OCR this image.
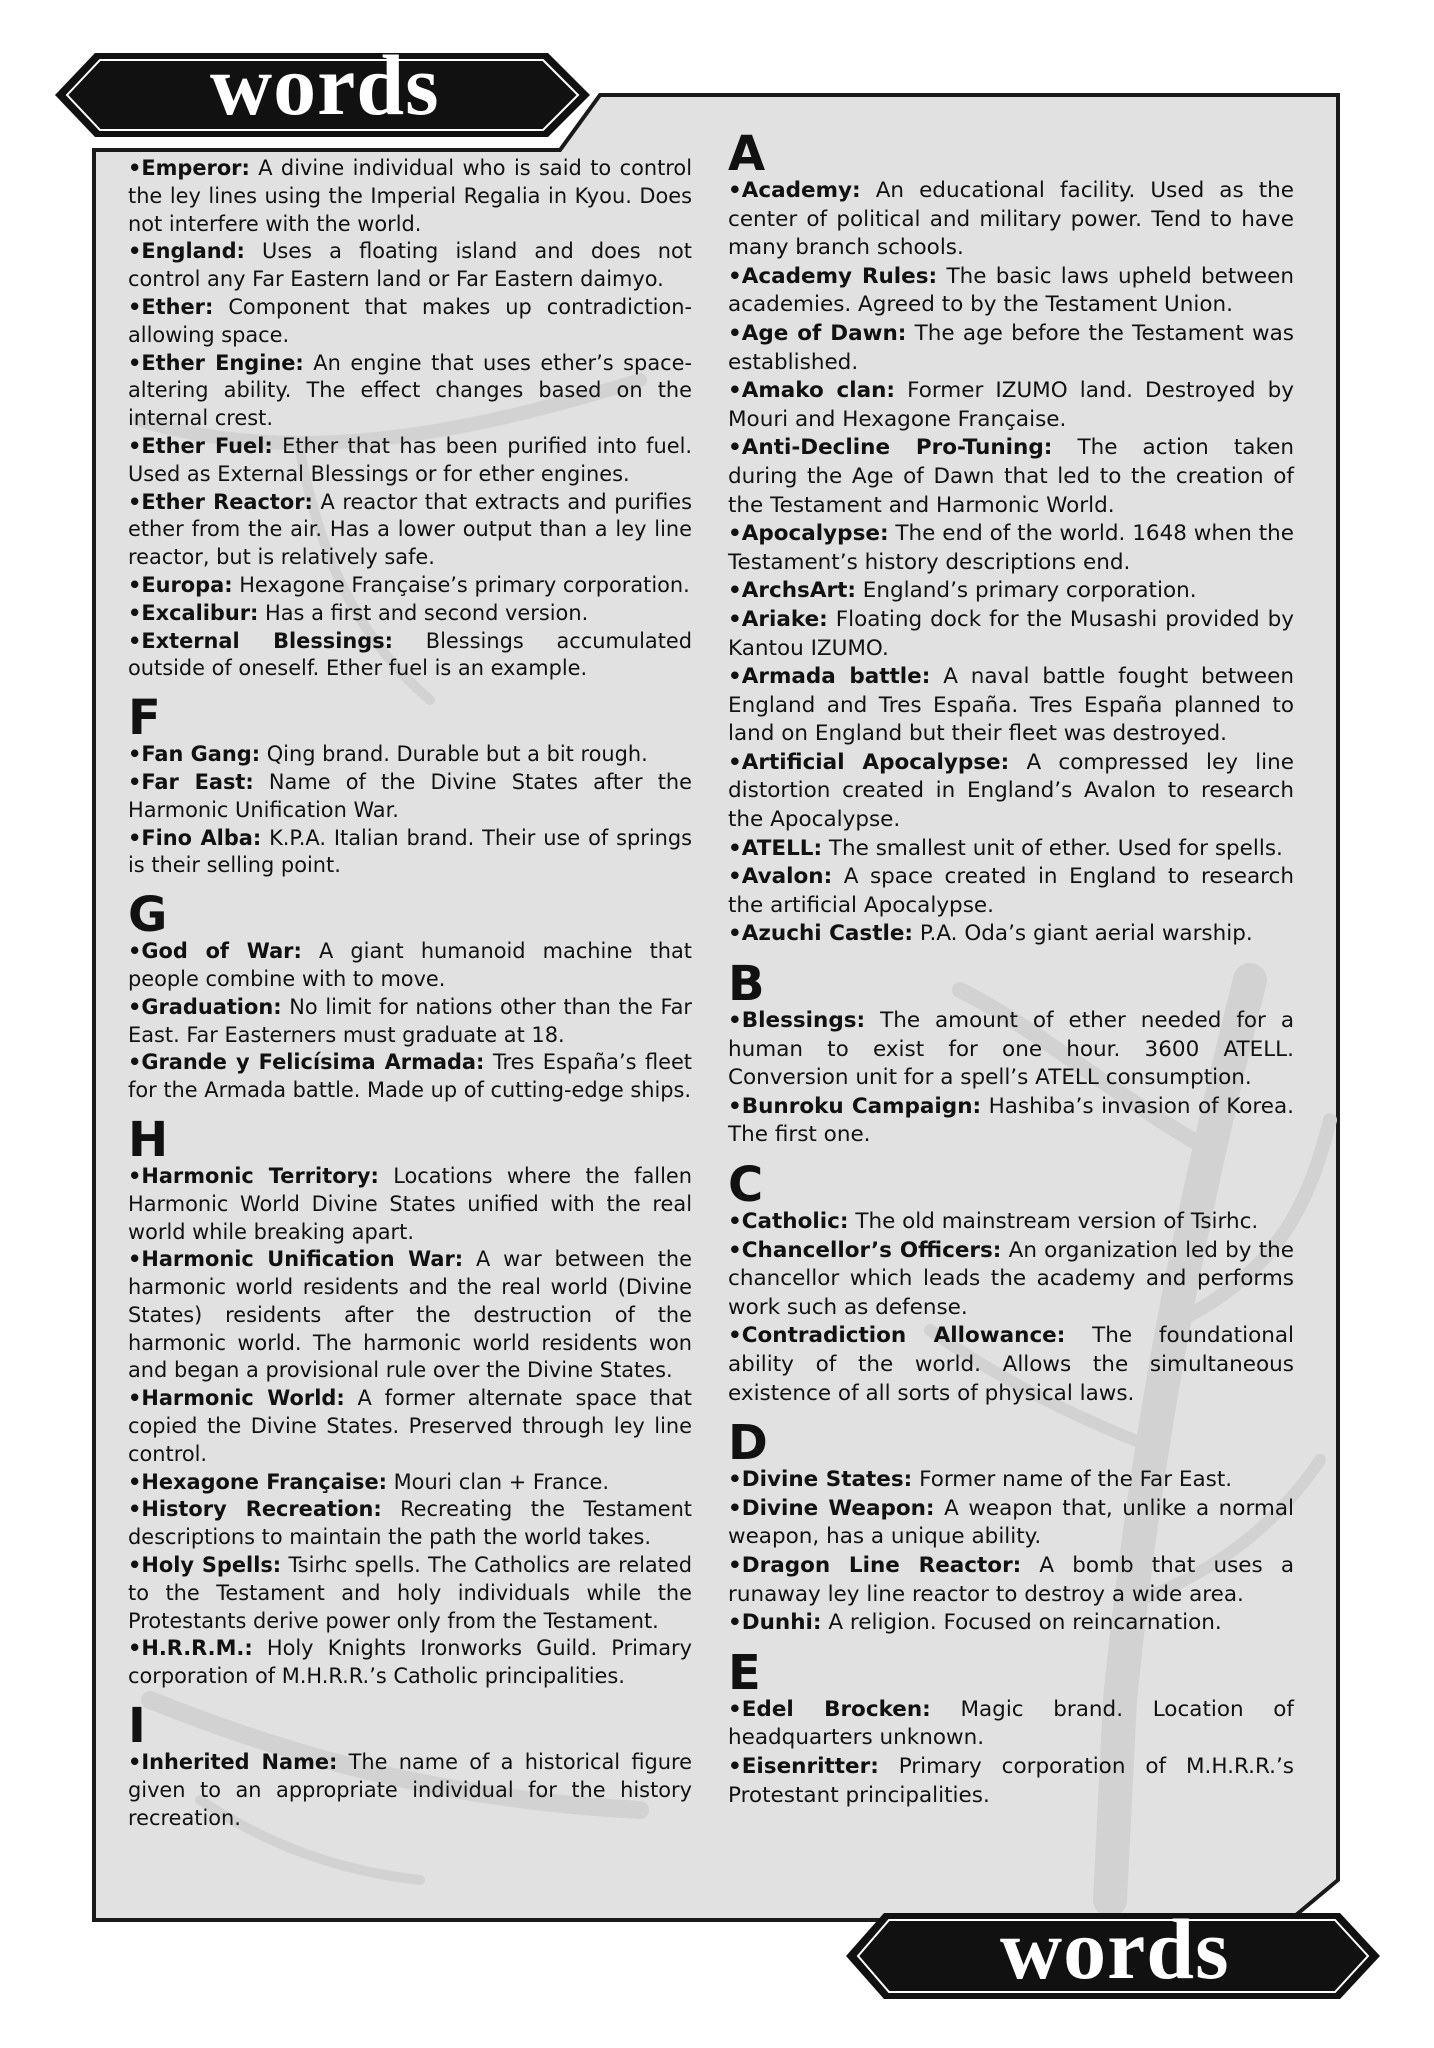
words
words
•Emperor: A divine individual who is said to control the ley lines using the Imperial Regalia in Kyou. Does not interfere with the world.
•England: Uses a floating island and does not control any Far Eastern land or Far Eastern daimyo.
•Ether: Component that makes up contradiction-allowing space.
•Ether Engine: An engine that uses ether’s space-altering ability. The effect changes based on the internal crest.
•Ether Fuel: Ether that has been purified into fuel. Used as External Blessings or for ether engines.
•Ether Reactor: A reactor that extracts and purifies ether from the air. Has a lower output than a ley line reactor, but is relatively safe.
•Europa: Hexagone Française’s primary corporation.
•Excalibur: Has a first and second version.
•External Blessings: Blessings accumulated outside of oneself. Ether fuel is an example.
F
•Fan Gang: Qing brand. Durable but a bit rough.
•Far East: Name of the Divine States after the Harmonic Unification War.
•Fino Alba: K.P.A. Italian brand. Their use of springs is their selling point.
G
•God of War: A giant humanoid machine that people combine with to move.
•Graduation: No limit for nations other than the Far East. Far Easterners must graduate at 18.
•Grande y Felicísima Armada: Tres España’s fleet for the Armada battle. Made up of cutting-edge ships.
H
•Harmonic Territory: Locations where the fallen Harmonic World Divine States unified with the real world while breaking apart.
•Harmonic Unification War: A war between the harmonic world residents and the real world (Divine States) residents after the destruction of the harmonic world. The harmonic world residents won and began a provisional rule over the Divine States.
•Harmonic World: A former alternate space that copied the Divine States. Preserved through ley line control.
•Hexagone Française: Mouri clan + France.
•History Recreation: Recreating the Testament descriptions to maintain the path the world takes.
•Holy Spells: Tsirhc spells. The Catholics are related to the Testament and holy individuals while the Protestants derive power only from the Testament.
•H.R.R.M.: Holy Knights Ironworks Guild. Primary corporation of M.H.R.R.’s Catholic principalities.
I
•Inherited Name: The name of a historical figure given to an appropriate individual for the history recreation.
A
•Academy: An educational facility. Used as the center of political and military power. Tend to have many branch schools.
•Academy Rules: The basic laws upheld between academies. Agreed to by the Testament Union.
•Age of Dawn: The age before the Testament was established.
•Amako clan: Former IZUMO land. Destroyed by Mouri and Hexagone Française.
•Anti-Decline Pro-Tuning: The action taken during the Age of Dawn that led to the creation of the Testament and Harmonic World.
•Apocalypse: The end of the world. 1648 when the Testament’s history descriptions end.
•ArchsArt: England’s primary corporation.
•Ariake: Floating dock for the Musashi provided by Kantou IZUMO.
•Armada battle: A naval battle fought between England and Tres España. Tres España planned to land on England but their fleet was destroyed.
•Artificial Apocalypse: A compressed ley line distortion created in England’s Avalon to research the Apocalypse.
•ATELL: The smallest unit of ether. Used for spells.
•Avalon: A space created in England to research the artificial Apocalypse.
•Azuchi Castle: P.A. Oda’s giant aerial warship.
B
•Blessings: The amount of ether needed for a human to exist for one hour. 3600 ATELL. Conversion unit for a spell’s ATELL consumption.
•Bunroku Campaign: Hashiba’s invasion of Korea. The first one.
C
•Catholic: The old mainstream version of Tsirhc.
•Chancellor’s Officers: An organization led by the chancellor which leads the academy and performs work such as defense.
•Contradiction Allowance: The foundational ability of the world. Allows the simultaneous existence of all sorts of physical laws.
D
•Divine States: Former name of the Far East.
•Divine Weapon: A weapon that, unlike a normal weapon, has a unique ability.
•Dragon Line Reactor: A bomb that uses a runaway ley line reactor to destroy a wide area.
•Dunhi: A religion. Focused on reincarnation.
E
•Edel Brocken: Magic brand. Location of headquarters unknown.
•Eisenritter: Primary corporation of M.H.R.R.’s Protestant principalities.
